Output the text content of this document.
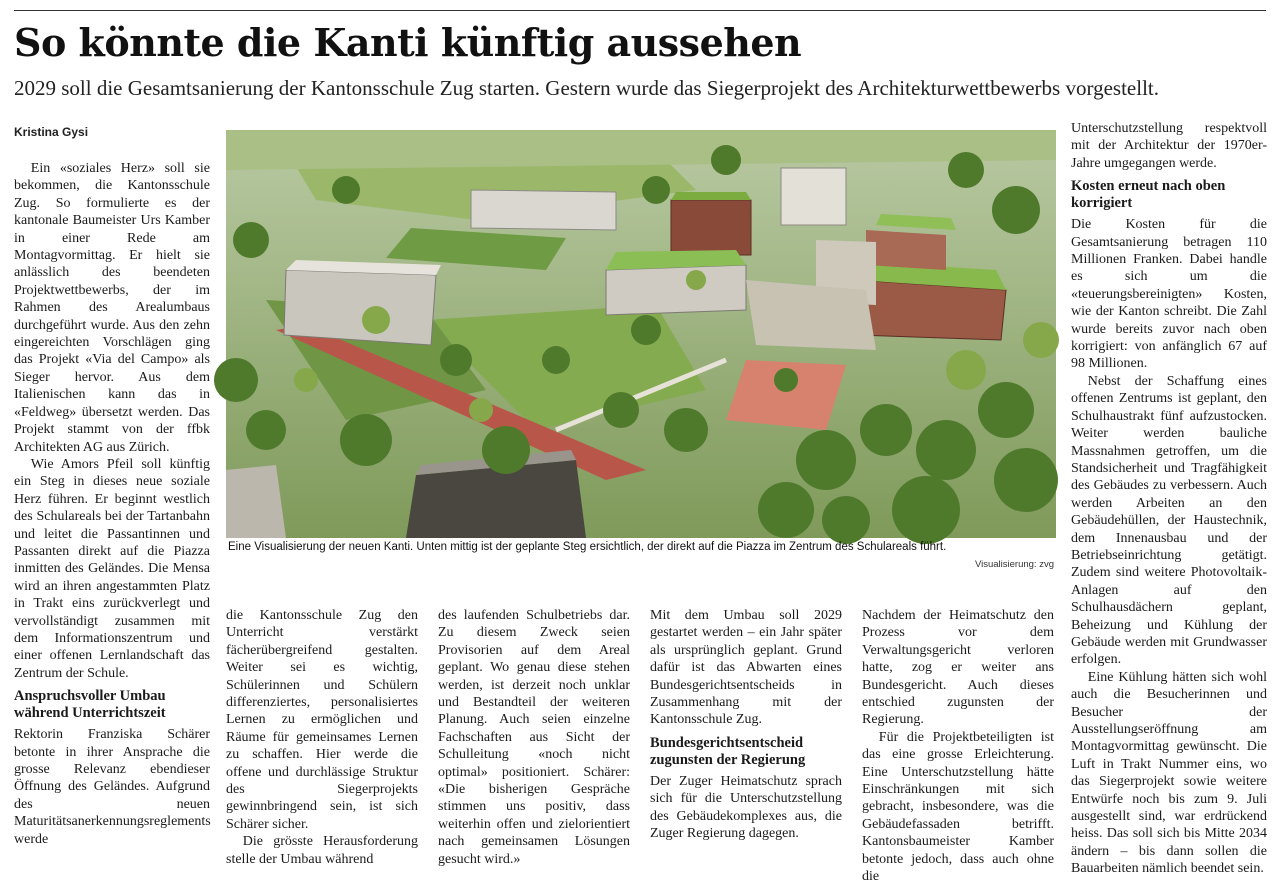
So könnte die Kanti künftig aussehen
2029 soll die Gesamtsanierung der Kantonsschule Zug starten. Gestern wurde das Siegerprojekt des Architekturwettbewerbs vorgestellt.
Kristina Gysi

Ein «soziales Herz» soll sie bekommen, die Kantonsschule Zug. So formulierte es der kantonale Baumeister Urs Kamber in einer Rede am Montagvormittag. Er hielt sie anlässlich des beendeten Projektwettbewerbs, der im Rahmen des Arealumbaus durchgeführt wurde. Aus den zehn eingereichten Vorschlägen ging das Projekt «Via del Campo» als Sieger hervor. Aus dem Italienischen kann das in «Feldweg» übersetzt werden. Das Projekt stammt von der ffbk Architekten AG aus Zürich.

Wie Amors Pfeil soll künftig ein Steg in dieses neue soziale Herz führen. Er beginnt westlich des Schulareals bei der Tartanbahn und leitet die Passantinnen und Passanten direkt auf die Piazza inmitten des Geländes. Die Mensa wird an ihren angestammten Platz in Trakt eins zurückverlegt und vervollständigt zusammen mit dem Informationszentrum und einer offenen Lernlandschaft das Zentrum der Schule.

Anspruchsvoller Umbau während Unterrichtszeit

Rektorin Franziska Schärer betonte in ihrer Ansprache die grosse Relevanz ebendieser Öffnung des Geländes. Aufgrund des neuen Maturitätsanerkennungsreglements werde

Eine Visualisierung der neuen Kanti. Unten mittig ist der geplante Steg ersichtlich, der direkt auf die Piazza im Zentrum des Schulareals führt.
Visualisierung: zvg

die Kantonsschule Zug den Unterricht verstärkt fächerübergreifend gestalten. Weiter sei es wichtig, Schülerinnen und Schülern differenziertes, personalisiertes Lernen zu ermöglichen und Räume für gemeinsames Lernen zu schaffen. Hier werde die offene und durchlässige Struktur des Siegerprojekts gewinnbringend sein, ist sich Schärer sicher.

Die grösste Herausforderung stelle der Umbau während

des laufenden Schulbetriebs dar. Zu diesem Zweck seien Provisorien auf dem Areal geplant. Wo genau diese stehen werden, ist derzeit noch unklar und Bestandteil der weiteren Planung. Auch seien einzelne Fachschaften aus Sicht der Schulleitung «noch nicht optimal» positioniert. Schärer: «Die bisherigen Gespräche stimmen uns positiv, dass weiterhin offen und zielorientiert nach gemeinsamen Lösungen gesucht wird.»

Mit dem Umbau soll 2029 gestartet werden – ein Jahr später als ursprünglich geplant. Grund dafür ist das Abwarten eines Bundesgerichtsentscheids in Zusammenhang mit der Kantonsschule Zug.

Bundesgerichtsentscheid zugunsten der Regierung

Der Zuger Heimatschutz sprach sich für die Unterschutzstellung des Gebäudekomplexes aus, die Zuger Regierung dagegen.

Nachdem der Heimatschutz den Prozess vor dem Verwaltungsgericht verloren hatte, zog er weiter ans Bundesgericht. Auch dieses entschied zugunsten der Regierung.

Für die Projektbeteiligten ist das eine grosse Erleichterung. Eine Unterschutzstellung hätte Einschränkungen mit sich gebracht, insbesondere, was die Gebäudefassaden betrifft. Kantonsbaumeister Kamber betonte jedoch, dass auch ohne die

Unterschutzstellung respektvoll mit der Architektur der 1970er-Jahre umgegangen werde.

Kosten erneut nach oben korrigiert

Die Kosten für die Gesamtsanierung betragen 110 Millionen Franken. Dabei handle es sich um die «teuerungsbereinigten» Kosten, wie der Kanton schreibt. Die Zahl wurde bereits zuvor nach oben korrigiert: von anfänglich 67 auf 98 Millionen.

Nebst der Schaffung eines offenen Zentrums ist geplant, den Schulhaustrakt fünf aufzustocken. Weiter werden bauliche Massnahmen getroffen, um die Standsicherheit und Tragfähigkeit des Gebäudes zu verbessern. Auch werden Arbeiten an den Gebäudehüllen, der Haustechnik, dem Innenausbau und der Betriebseinrichtung getätigt. Zudem sind weitere Photovoltaik-Anlagen auf den Schulhausdächern geplant, Beheizung und Kühlung der Gebäude werden mit Grundwasser erfolgen.

Eine Kühlung hätten sich wohl auch die Besucherinnen und Besucher der Ausstellungseröffnung am Montagvormittag gewünscht. Die Luft in Trakt Nummer eins, wo das Siegerprojekt sowie weitere Entwürfe noch bis zum 9. Juli ausgestellt sind, war erdrückend heiss. Das soll sich bis Mitte 2034 ändern – bis dann sollen die Bauarbeiten nämlich beendet sein.
